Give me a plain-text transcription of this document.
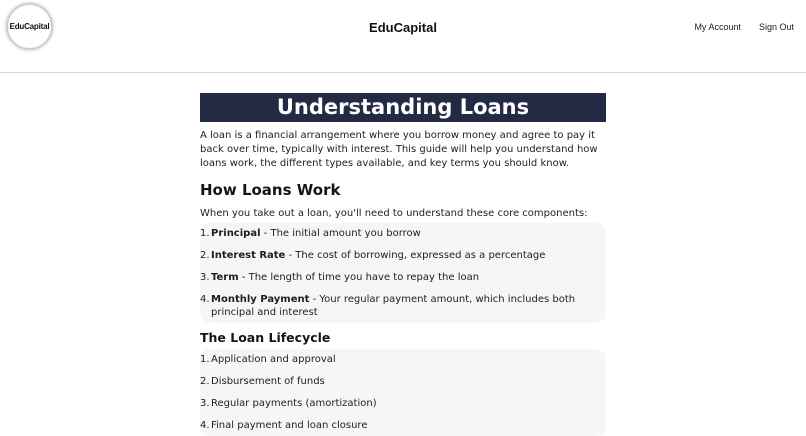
EduCapital	EduCapital	My Account Sign Out
Understanding Loans

A loan is a financial arrangement where you borrow money and agree to pay it back over time, typically with interest. This guide will help you understand how loans work, the different types available, and key terms you should know.

How Loans Work

When you take out a loan, you'll need to understand these core components:

1. Principal - The initial amount you borrow
2. Interest Rate - The cost of borrowing, expressed as a percentage
3. Term - The length of time you have to repay the loan
4. Monthly Payment - Your regular payment amount, which includes both principal and interest
The Loan Lifecycle
1. Application and approval
2. Disbursement of funds
3. Regular payments (amortization)
4. Final payment and loan closure
